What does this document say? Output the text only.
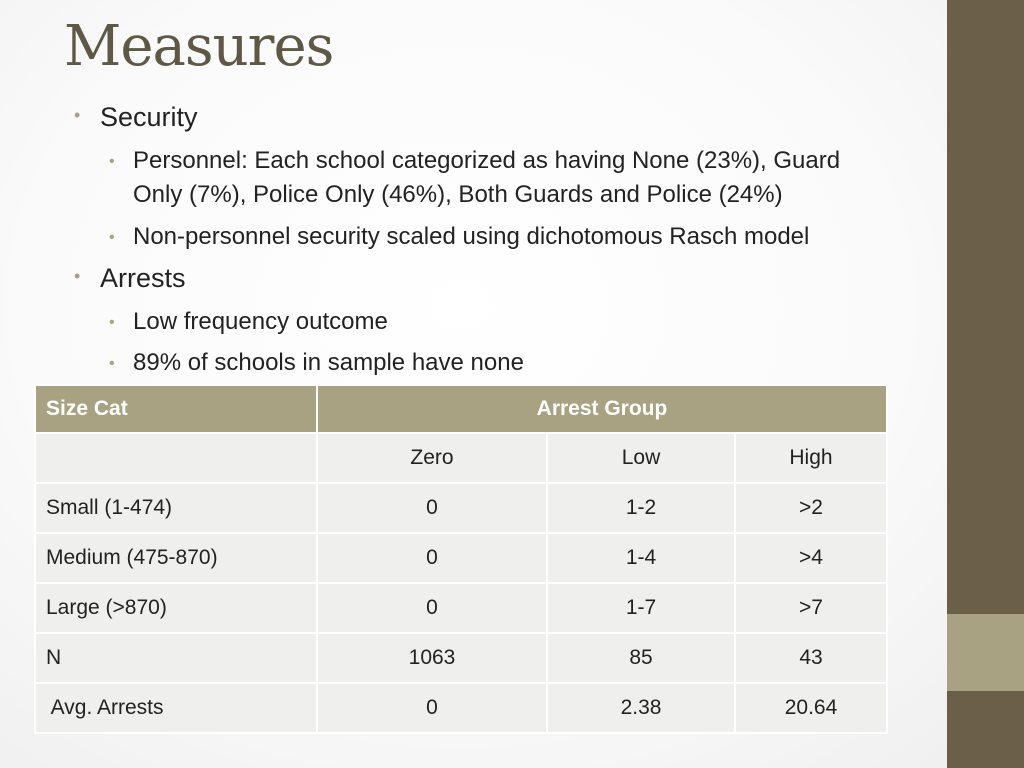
Measures
• Security
• Personnel: Each school categorized as having None (23%), Guard
Only (7%), Police Only (46%), Both Guards and Police (24%)
• Non-personnel security scaled using dichotomous Rasch model
• Arrests
• Low frequency outcome
• 89% of schools in sample have none
Size Cat	Arrest Group		
	Zero	Low	High
Small (1-474)	0	1-2	>2
Medium (475-870)	0	1-4	>4
Large (>870)	0	1-7	>7
N	1063	85	43
Avg. Arrests	0	2.38	20.64
